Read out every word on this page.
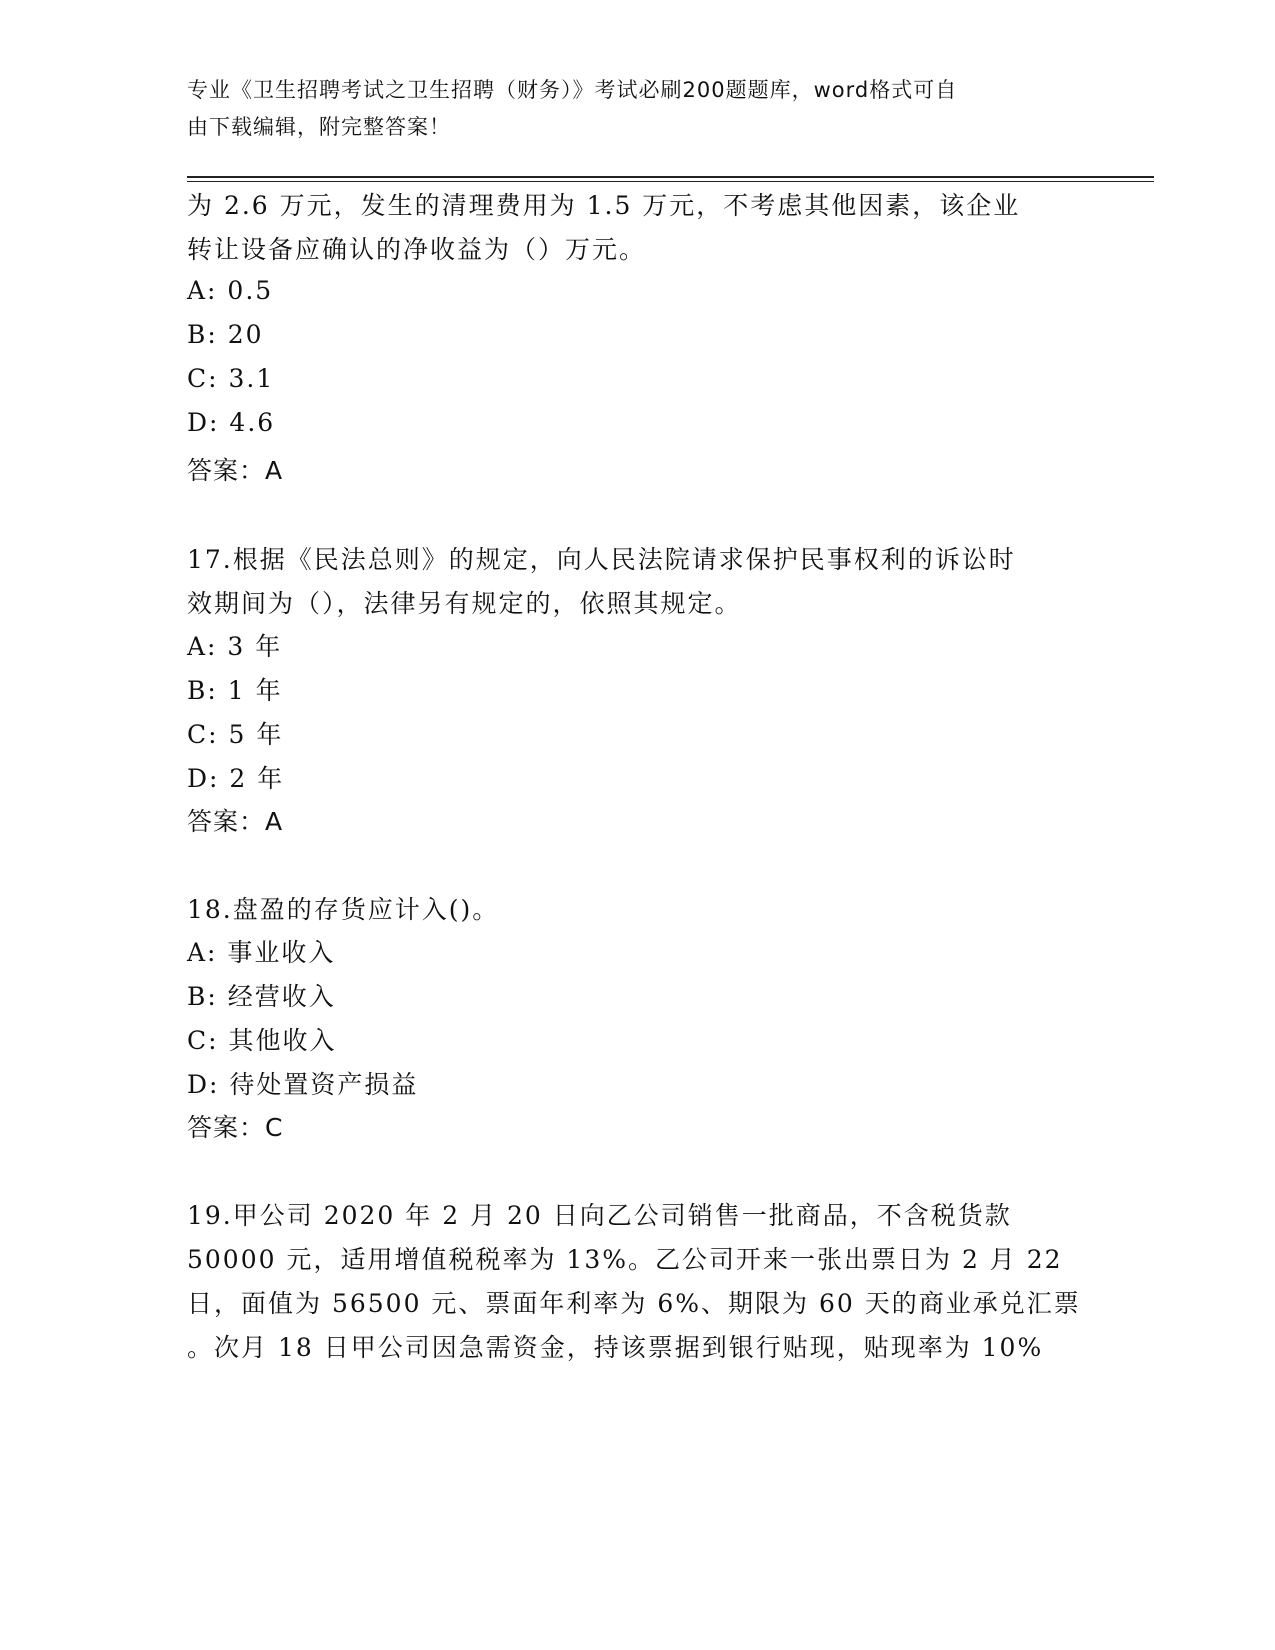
专业《卫生招聘考试之卫生招聘（财务）》考试必刷200题题库，word格式可自
由下载编辑，附完整答案！
为 2.6 万元，发生的清理费用为 1.5 万元，不考虑其他因素，该企业
转让设备应确认的净收益为（）万元。
A: 0.5
B: 20
C: 3.1
D: 4.6
答案：A
17.根据《民法总则》的规定，向人民法院请求保护民事权利的诉讼时
效期间为（），法律另有规定的，依照其规定。
A: 3 年
B: 1 年
C: 5 年
D: 2 年
答案：A
18.盘盈的存货应计入()。
A: 事业收入
B: 经营收入
C: 其他收入
D: 待处置资产损益
答案：C
19.甲公司 2020 年 2 月 20 日向乙公司销售一批商品，不含税货款
50000 元，适用增值税税率为 13%。乙公司开来一张出票日为 2 月 22
日，面值为 56500 元、票面年利率为 6%、期限为 60 天的商业承兑汇票
。次月 18 日甲公司因急需资金，持该票据到银行贴现，贴现率为 10%
